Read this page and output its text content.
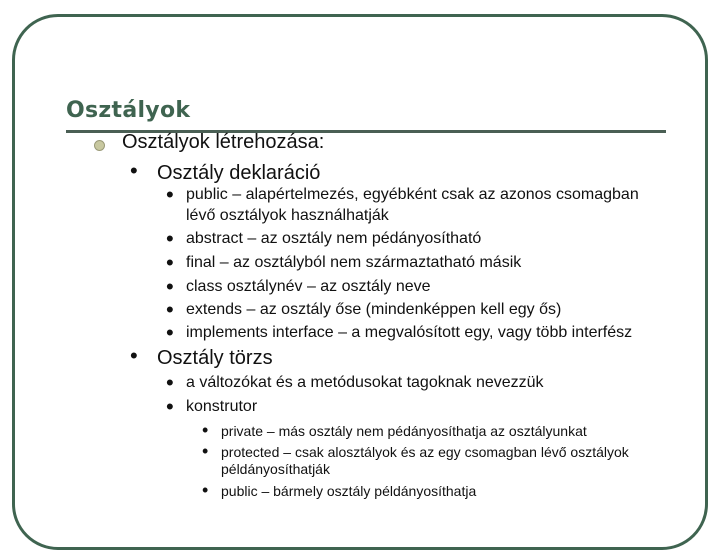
Osztályok
Osztályok létrehozása:
• Osztály deklaráció
• public – alapértelmezés, egyébként csak az azonos csomagban
lévő osztályok használhatják
• abstract – az osztály nem pédányosítható
• final – az osztályból nem származtatható másik
• class osztálynév – az osztály neve
• extends – az osztály őse (mindenképpen kell egy ős)
• implements interface – a megvalósított egy, vagy több interfész
• Osztály törzs
• a változókat és a metódusokat tagoknak nevezzük
• konstrutor
• private – más osztály nem pédányosíthatja az osztályunkat
• protected – csak alosztályok és az egy csomagban lévő osztályok
példányosíthatják
• public – bármely osztály példányosíthatja
